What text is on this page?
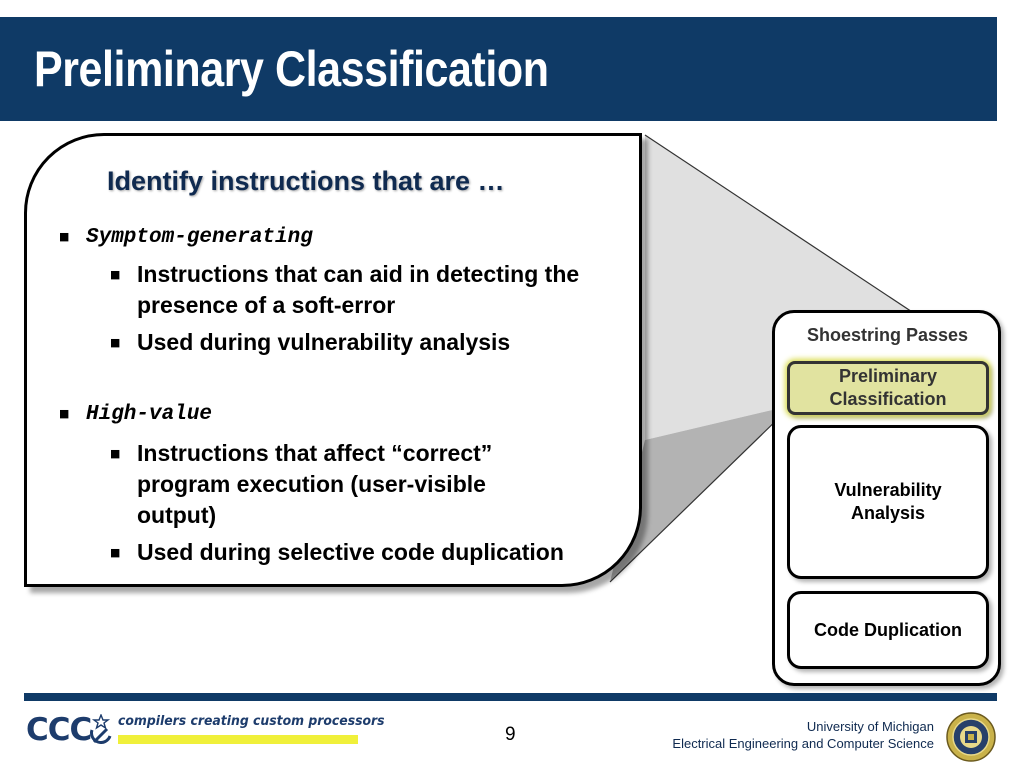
Preliminary Classification
Identify instructions that are …
■ Symptom-generating
■ Instructions that can aid in detecting the presence of a soft-error
■ Used during vulnerability analysis
■ High-value
■ Instructions that affect “correct” program execution (user-visible output)
■ Used during selective code duplication
Shoestring Passes
Preliminary Classification
Vulnerability Analysis
Code Duplication
CCC compilers creating custom processors
9	University of Michigan
Electrical Engineering and Computer Science
